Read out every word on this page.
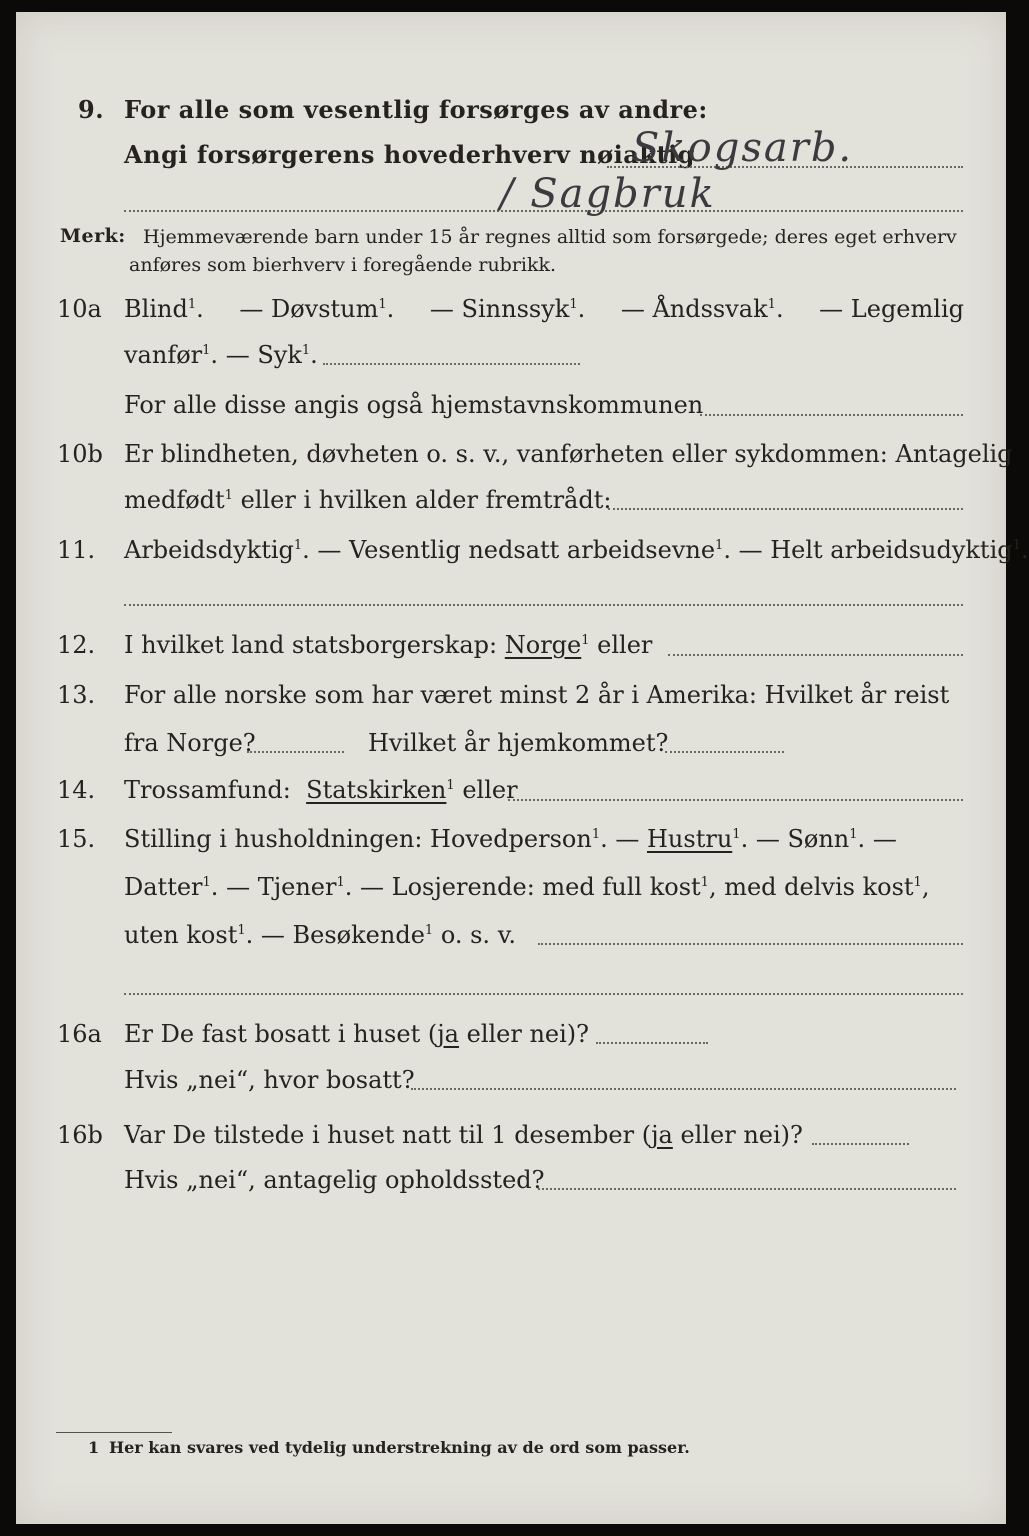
9. For alle som vesentlig forsørges av andre:
Angi forsørgerens hovederhverv nøiaktig
Skogsarb.
/ Sagbruk
Merk: Hjemmeværende barn under 15 år regnes alltid som forsørgede; deres eget erhverv
anføres som bierhverv i foregående rubrikk.
10a Blind$^1$. — Døvstum$^1$. — Sinnssyk$^1$. — Åndssvak$^1$. — Legemlig
vanfør$^1$. — Syk$^1$.
For alle disse angis også hjemstavnskommunen
10b Er blindheten, døvheten o. s. v., vanførheten eller sykdommen: Antagelig
medfødt$^1$ eller i hvilken alder fremtrådt:
11. Arbeidsdyktig$^1$. — Vesentlig nedsatt arbeidsevne$^1$. — Helt arbeidsudyktig$^1$.
12. I hvilket land statsborgerskap: Norge$^1$ eller
13. For alle norske som har været minst 2 år i Amerika: Hvilket år reist
fra Norge?	Hvilket år hjemkommet?
14. Trossamfund: Statskirken$^1$ eller
15. Stilling i husholdningen: Hovedperson$^1$. — Hustru$^1$. — Sønn$^1$. —
Datter$^1$. — Tjener$^1$. — Losjerende: med full kost$^1$, med delvis kost$^1$,
uten kost$^1$. — Besøkende$^1$ o. s. v.
16a Er De fast bosatt i huset (ja eller nei)?
Hvis „nei“, hvor bosatt?
16b Var De tilstede i huset natt til 1 desember (ja eller nei)?
Hvis „nei“, antagelig opholdssted?
1 Her kan svares ved tydelig understrekning av de ord som passer.
